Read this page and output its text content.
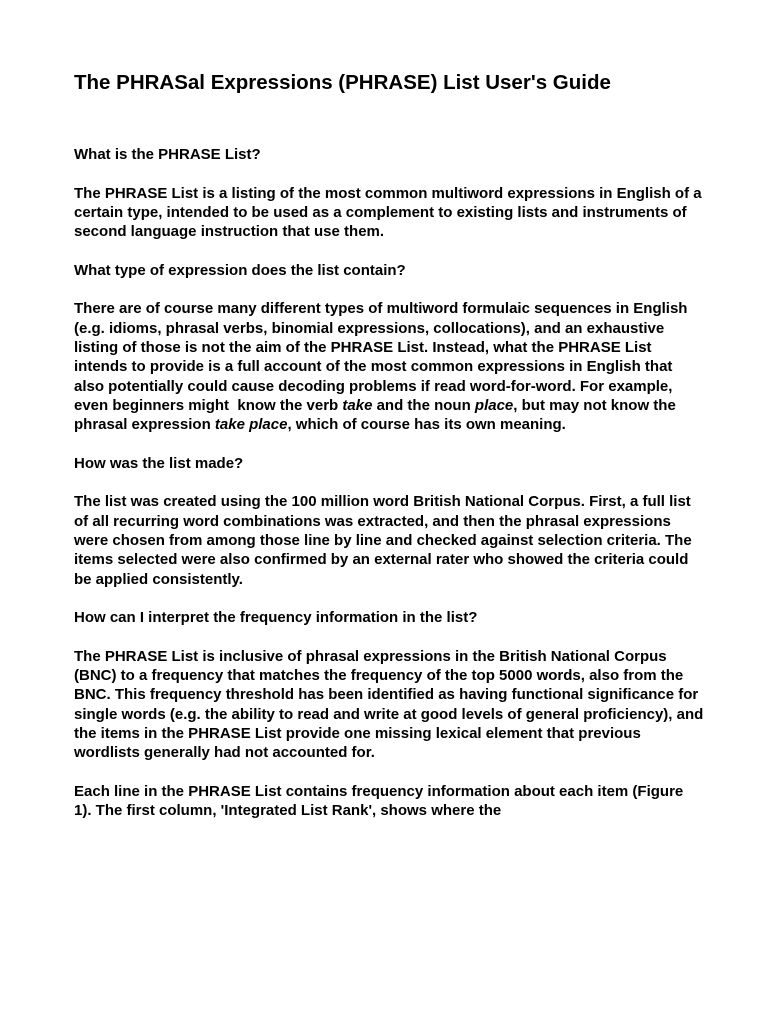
The PHRASal Expressions (PHRASE) List User's Guide

What is the PHRASE List?

The PHRASE List is a listing of the most common multiword expressions in English of a certain type, intended to be used as a complement to existing lists and instruments of second language instruction that use them.

What type of expression does the list contain?

There are of course many different types of multiword formulaic sequences in English (e.g. idioms, phrasal verbs, binomial expressions, collocations), and an exhaustive listing of those is not the aim of the PHRASE List. Instead, what the PHRASE List intends to provide is a full account of the most common expressions in English that also potentially could cause decoding problems if read word-for-word. For example, even beginners might  know the verb take and the noun place, but may not know the phrasal expression take place, which of course has its own meaning.

How was the list made?

The list was created using the 100 million word British National Corpus. First, a full list of all recurring word combinations was extracted, and then the phrasal expressions were chosen from among those line by line and checked against selection criteria. The items selected were also confirmed by an external rater who showed the criteria could be applied consistently.

How can I interpret the frequency information in the list?

The PHRASE List is inclusive of phrasal expressions in the British National Corpus (BNC) to a frequency that matches the frequency of the top 5000 words, also from the BNC. This frequency threshold has been identified as having functional significance for single words (e.g. the ability to read and write at good levels of general proficiency), and the items in the PHRASE List provide one missing lexical element that previous wordlists generally had not accounted for.

Each line in the PHRASE List contains frequency information about each item (Figure 1). The first column, 'Integrated List Rank', shows where the
